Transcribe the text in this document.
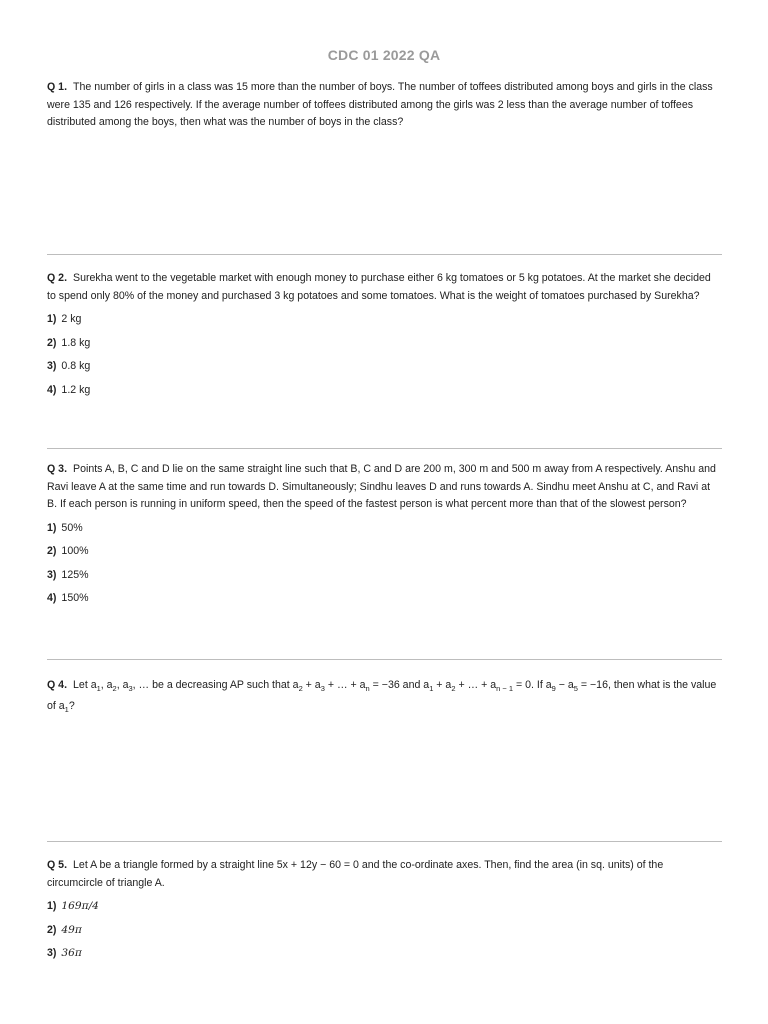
CDC 01 2022 QA
Q 1. The number of girls in a class was 15 more than the number of boys. The number of toffees distributed among boys and girls in the class were 135 and 126 respectively. If the average number of toffees distributed among the girls was 2 less than the average number of toffees distributed among the boys, then what was the number of boys in the class?
Q 2. Surekha went to the vegetable market with enough money to purchase either 6 kg tomatoes or 5 kg potatoes. At the market she decided to spend only 80% of the money and purchased 3 kg potatoes and some tomatoes. What is the weight of tomatoes purchased by Surekha?
1) 2 kg
2) 1.8 kg
3) 0.8 kg
4) 1.2 kg
Q 3. Points A, B, C and D lie on the same straight line such that B, C and D are 200 m, 300 m and 500 m away from A respectively. Anshu and Ravi leave A at the same time and run towards D. Simultaneously; Sindhu leaves D and runs towards A. Sindhu meet Anshu at C, and Ravi at B. If each person is running in uniform speed, then the speed of the fastest person is what percent more than that of the slowest person?
1) 50%
2) 100%
3) 125%
4) 150%
Q 4. Let $a_1$, $a_2$, $a_3$, … be a decreasing AP such that $a_2 + a_3$ + … + $a_n = -36$ and $a_1 + a_2$ + … + $a_{n - 1} = 0$. If $a_9 - a_5 = -16$, then what is the value of $a_1$?
Q 5. Let A be a triangle formed by a straight line 5x + 12y − 60 = 0 and the co-ordinate axes. Then, find the area (in sq. units) of the circumcircle of triangle A.
1) 169π/4
2) 49π
3) 36π
